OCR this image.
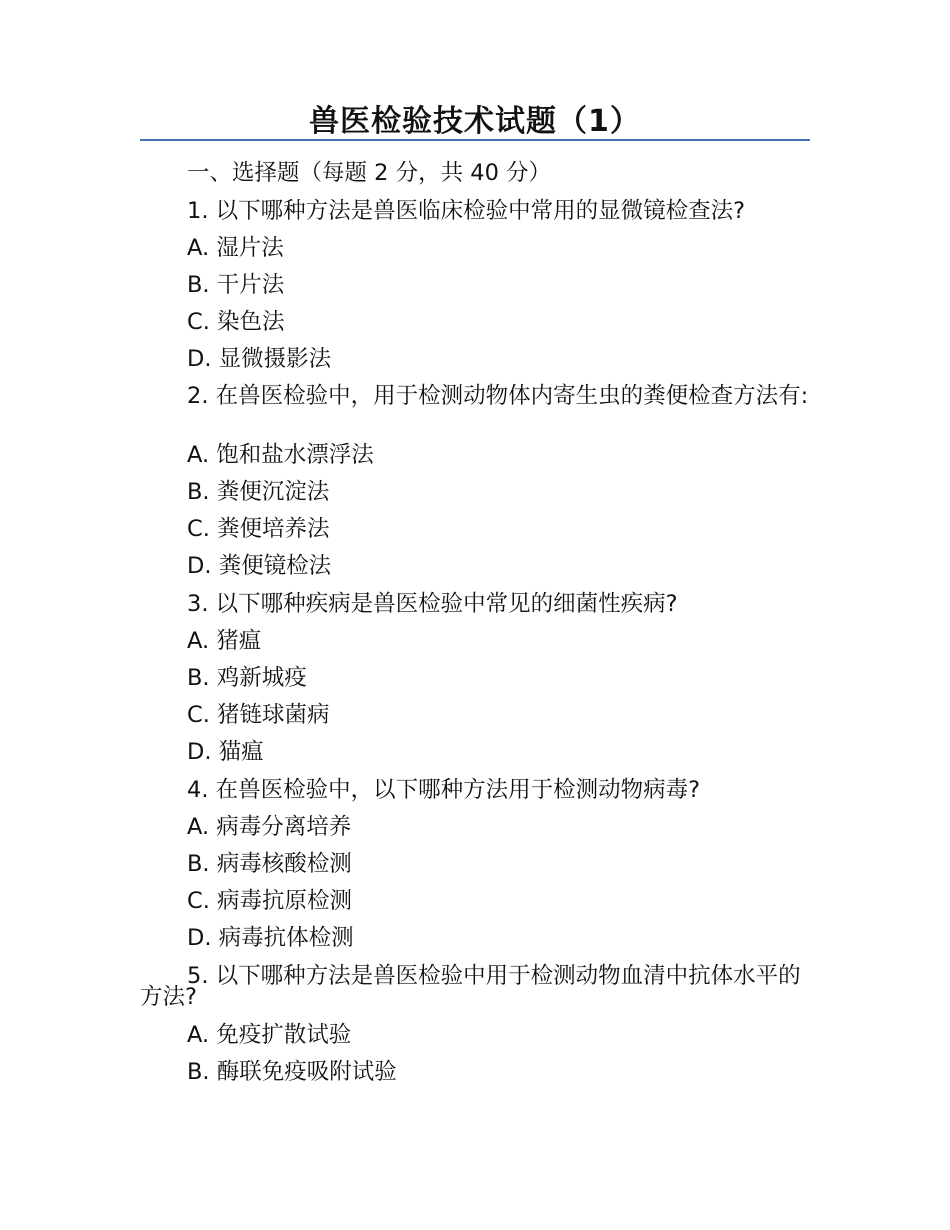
兽医检验技术试题（1）
一、选择题（每题 2 分，共 40 分）
1. 以下哪种方法是兽医临床检验中常用的显微镜检查法?
A. 湿片法
B. 干片法
C. 染色法
D. 显微摄影法
2. 在兽医检验中，用于检测动物体内寄生虫的粪便检查方法有:
A. 饱和盐水漂浮法
B. 粪便沉淀法
C. 粪便培养法
D. 粪便镜检法
3. 以下哪种疾病是兽医检验中常见的细菌性疾病?
A. 猪瘟
B. 鸡新城疫
C. 猪链球菌病
D. 猫瘟
4. 在兽医检验中，以下哪种方法用于检测动物病毒?
A. 病毒分离培养
B. 病毒核酸检测
C. 病毒抗原检测
D. 病毒抗体检测
5. 以下哪种方法是兽医检验中用于检测动物血清中抗体水平的方法?
A. 免疫扩散试验
B. 酶联免疫吸附试验
